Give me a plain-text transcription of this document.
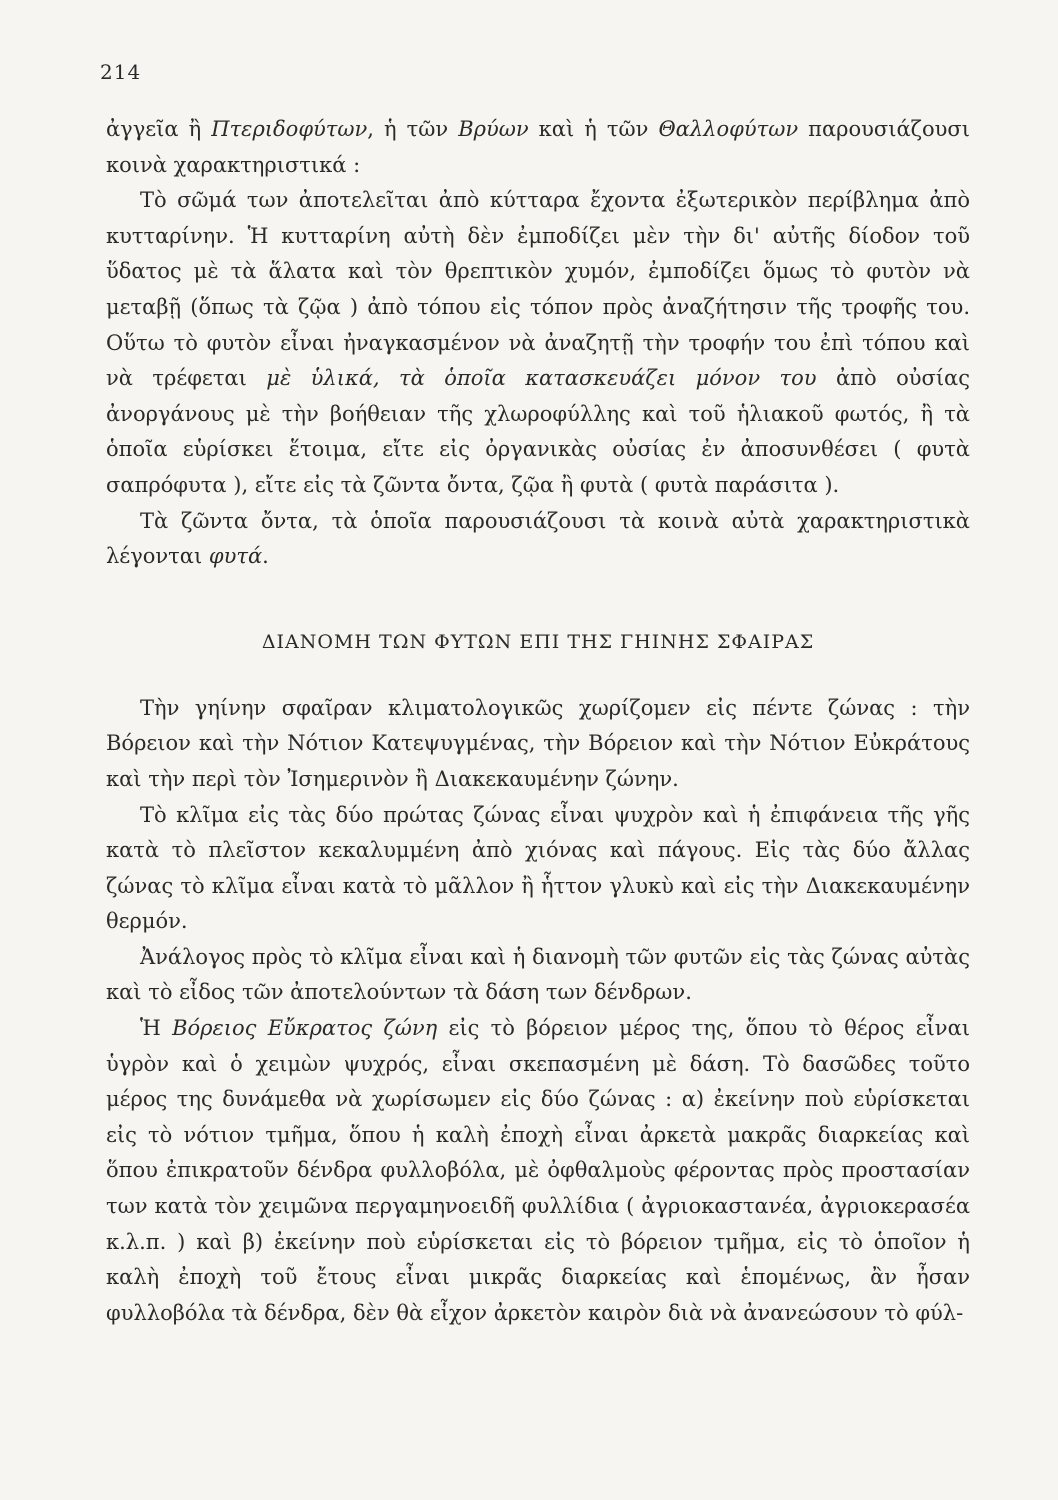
214

ἀγγεῖα ἢ Πτεριδοφύτων, ἡ τῶν Βρύων καὶ ἡ τῶν Θαλλοφύτων παρουσιάζουσι κοινὰ χαρακτηριστικά :

Τὸ σῶμά των ἀποτελεῖται ἀπὸ κύτταρα ἔχοντα ἐξωτερικὸν περίβλημα ἀπὸ κυτταρίνην. Ἡ κυτταρίνη αὐτὴ δὲν ἐμποδίζει μὲν τὴν δι' αὐτῆς δίοδον τοῦ ὕδατος μὲ τὰ ἅλατα καὶ τὸν θρεπτικὸν χυμόν, ἐμποδίζει ὅμως τὸ φυτὸν νὰ μεταβῇ (ὅπως τὰ ζῷα ) ἀπὸ τόπου εἰς τόπον πρὸς ἀναζήτησιν τῆς τροφῆς του. Οὕτω τὸ φυτὸν εἶναι ἠναγκασμένον νὰ ἀναζητῇ τὴν τροφήν του ἐπὶ τόπου καὶ νὰ τρέφεται μὲ ὑλικά, τὰ ὁποῖα κατασκευάζει μόνον του ἀπὸ οὐσίας ἀνοργάνους μὲ τὴν βοήθειαν τῆς χλωροφύλλης καὶ τοῦ ἡλιακοῦ φωτός, ἢ τὰ ὁποῖα εὑρίσκει ἕτοιμα, εἴτε εἰς ὀργανικὰς οὐσίας ἐν ἀποσυνθέσει ( φυτὰ σαπρόφυτα ), εἴτε εἰς τὰ ζῶντα ὄντα, ζῷα ἢ φυτὰ ( φυτὰ παράσιτα ).

Τὰ ζῶντα ὄντα, τὰ ὁποῖα παρουσιάζουσι τὰ κοινὰ αὐτὰ χαρακτηριστικὰ λέγονται φυτά.

ΔΙΑΝΟΜΗ ΤΩΝ ΦΥΤΩΝ ΕΠΙ ΤΗΣ ΓΗΙΝΗΣ ΣΦΑΙΡΑΣ

Τὴν γηίνην σφαῖραν κλιματολογικῶς χωρίζομεν εἰς πέντε ζώνας : τὴν Βόρειον καὶ τὴν Νότιον Κατεψυγμένας, τὴν Βόρειον καὶ τὴν Νότιον Εὐκράτους καὶ τὴν περὶ τὸν Ἰσημερινὸν ἢ Διακεκαυμένην ζώνην.

Τὸ κλῖμα εἰς τὰς δύο πρώτας ζώνας εἶναι ψυχρὸν καὶ ἡ ἐπιφάνεια τῆς γῆς κατὰ τὸ πλεῖστον κεκαλυμμένη ἀπὸ χιόνας καὶ πάγους. Εἰς τὰς δύο ἄλλας ζώνας τὸ κλῖμα εἶναι κατὰ τὸ μᾶλλον ἢ ἧττον γλυκὺ καὶ εἰς τὴν Διακεκαυμένην θερμόν.

Ἀνάλογος πρὸς τὸ κλῖμα εἶναι καὶ ἡ διανομὴ τῶν φυτῶν εἰς τὰς ζώνας αὐτὰς καὶ τὸ εἶδος τῶν ἀποτελούντων τὰ δάση των δένδρων.

Ἡ Βόρειος Εὔκρατος ζώνη εἰς τὸ βόρειον μέρος της, ὅπου τὸ θέρος εἶναι ὑγρὸν καὶ ὁ χειμὼν ψυχρός, εἶναι σκεπασμένη μὲ δάση. Τὸ δασῶδες τοῦτο μέρος της δυνάμεθα νὰ χωρίσωμεν εἰς δύο ζώνας : α) ἐκείνην ποὺ εὑρίσκεται εἰς τὸ νότιον τμῆμα, ὅπου ἡ καλὴ ἐποχὴ εἶναι ἀρκετὰ μακρᾶς διαρκείας καὶ ὅπου ἐπικρατοῦν δένδρα φυλλοβόλα, μὲ ὀφθαλμοὺς φέροντας πρὸς προστασίαν των κατὰ τὸν χειμῶνα περγαμηνοειδῆ φυλλίδια ( ἀγριοκαστανέα, ἀγριοκερασέα κ.λ.π. ) καὶ β) ἐκείνην ποὺ εὑρίσκεται εἰς τὸ βόρειον τμῆμα, εἰς τὸ ὁποῖον ἡ καλὴ ἐποχὴ τοῦ ἔτους εἶναι μικρᾶς διαρκείας καὶ ἑπομένως, ἂν ἦσαν φυλλοβόλα τὰ δένδρα, δὲν θὰ εἶχον ἀρκετὸν καιρὸν διὰ νὰ ἀνανεώσουν τὸ φύλ-
